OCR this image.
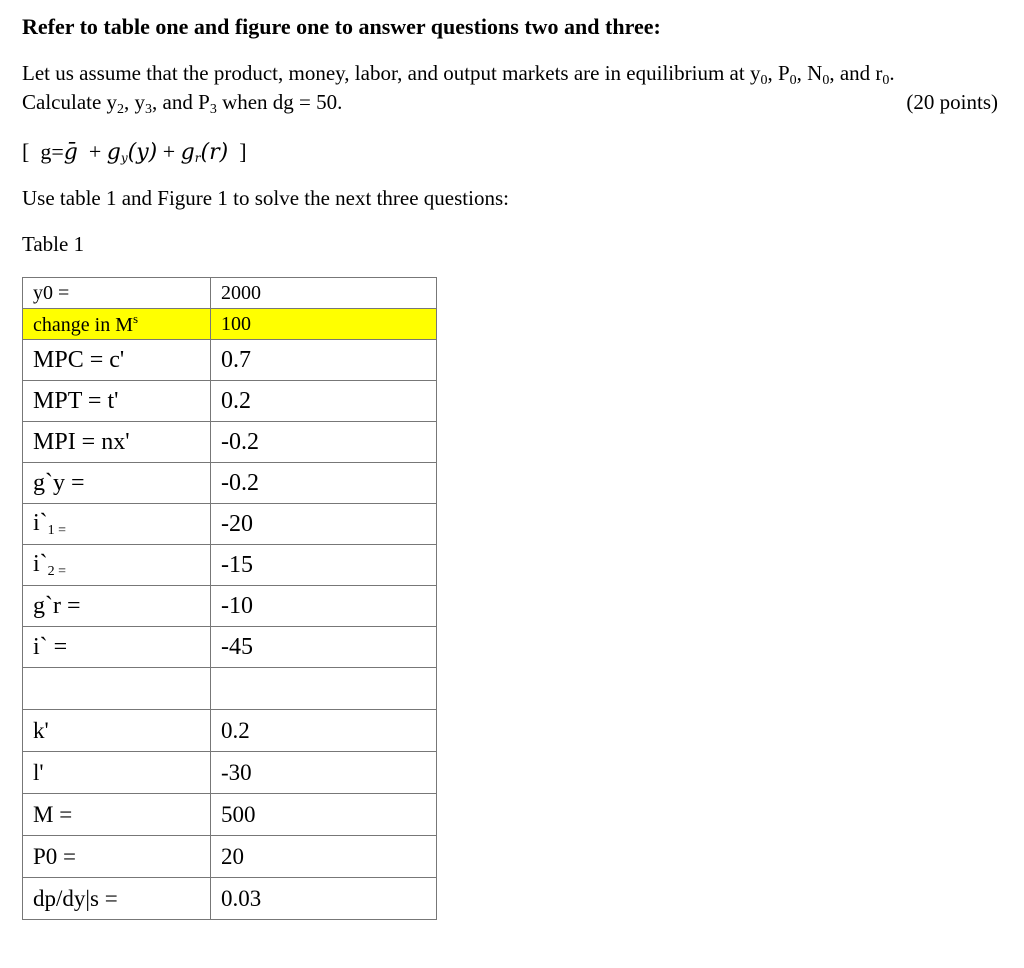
Refer to table one and figure one to answer questions two and three:
Let us assume that the product, money, labor, and output markets are in equilibrium at $y_0$, $P_0$, $N_0$, and $r_0$.
Calculate $y_2$, $y_3$, and $P_3$ when dg = 50.	(20 points)
[ g=ḡ + gy(y) + gr(r) ]
Use table 1 and Figure 1 to solve the next three questions:
Table 1
y0 =	2000
change in $M^s$	100
MPC = c'	0.7
MPT = t'	0.2
MPI = nx'	-0.2
g`y =	-0.2
$i`_{1 =}$	-20
$i`_{2 =}$	-15
g`r =	-10
i` =	-45

k'	0.2
l'	-30
M =	500
P0 =	20
dp/dy|s =	0.03
